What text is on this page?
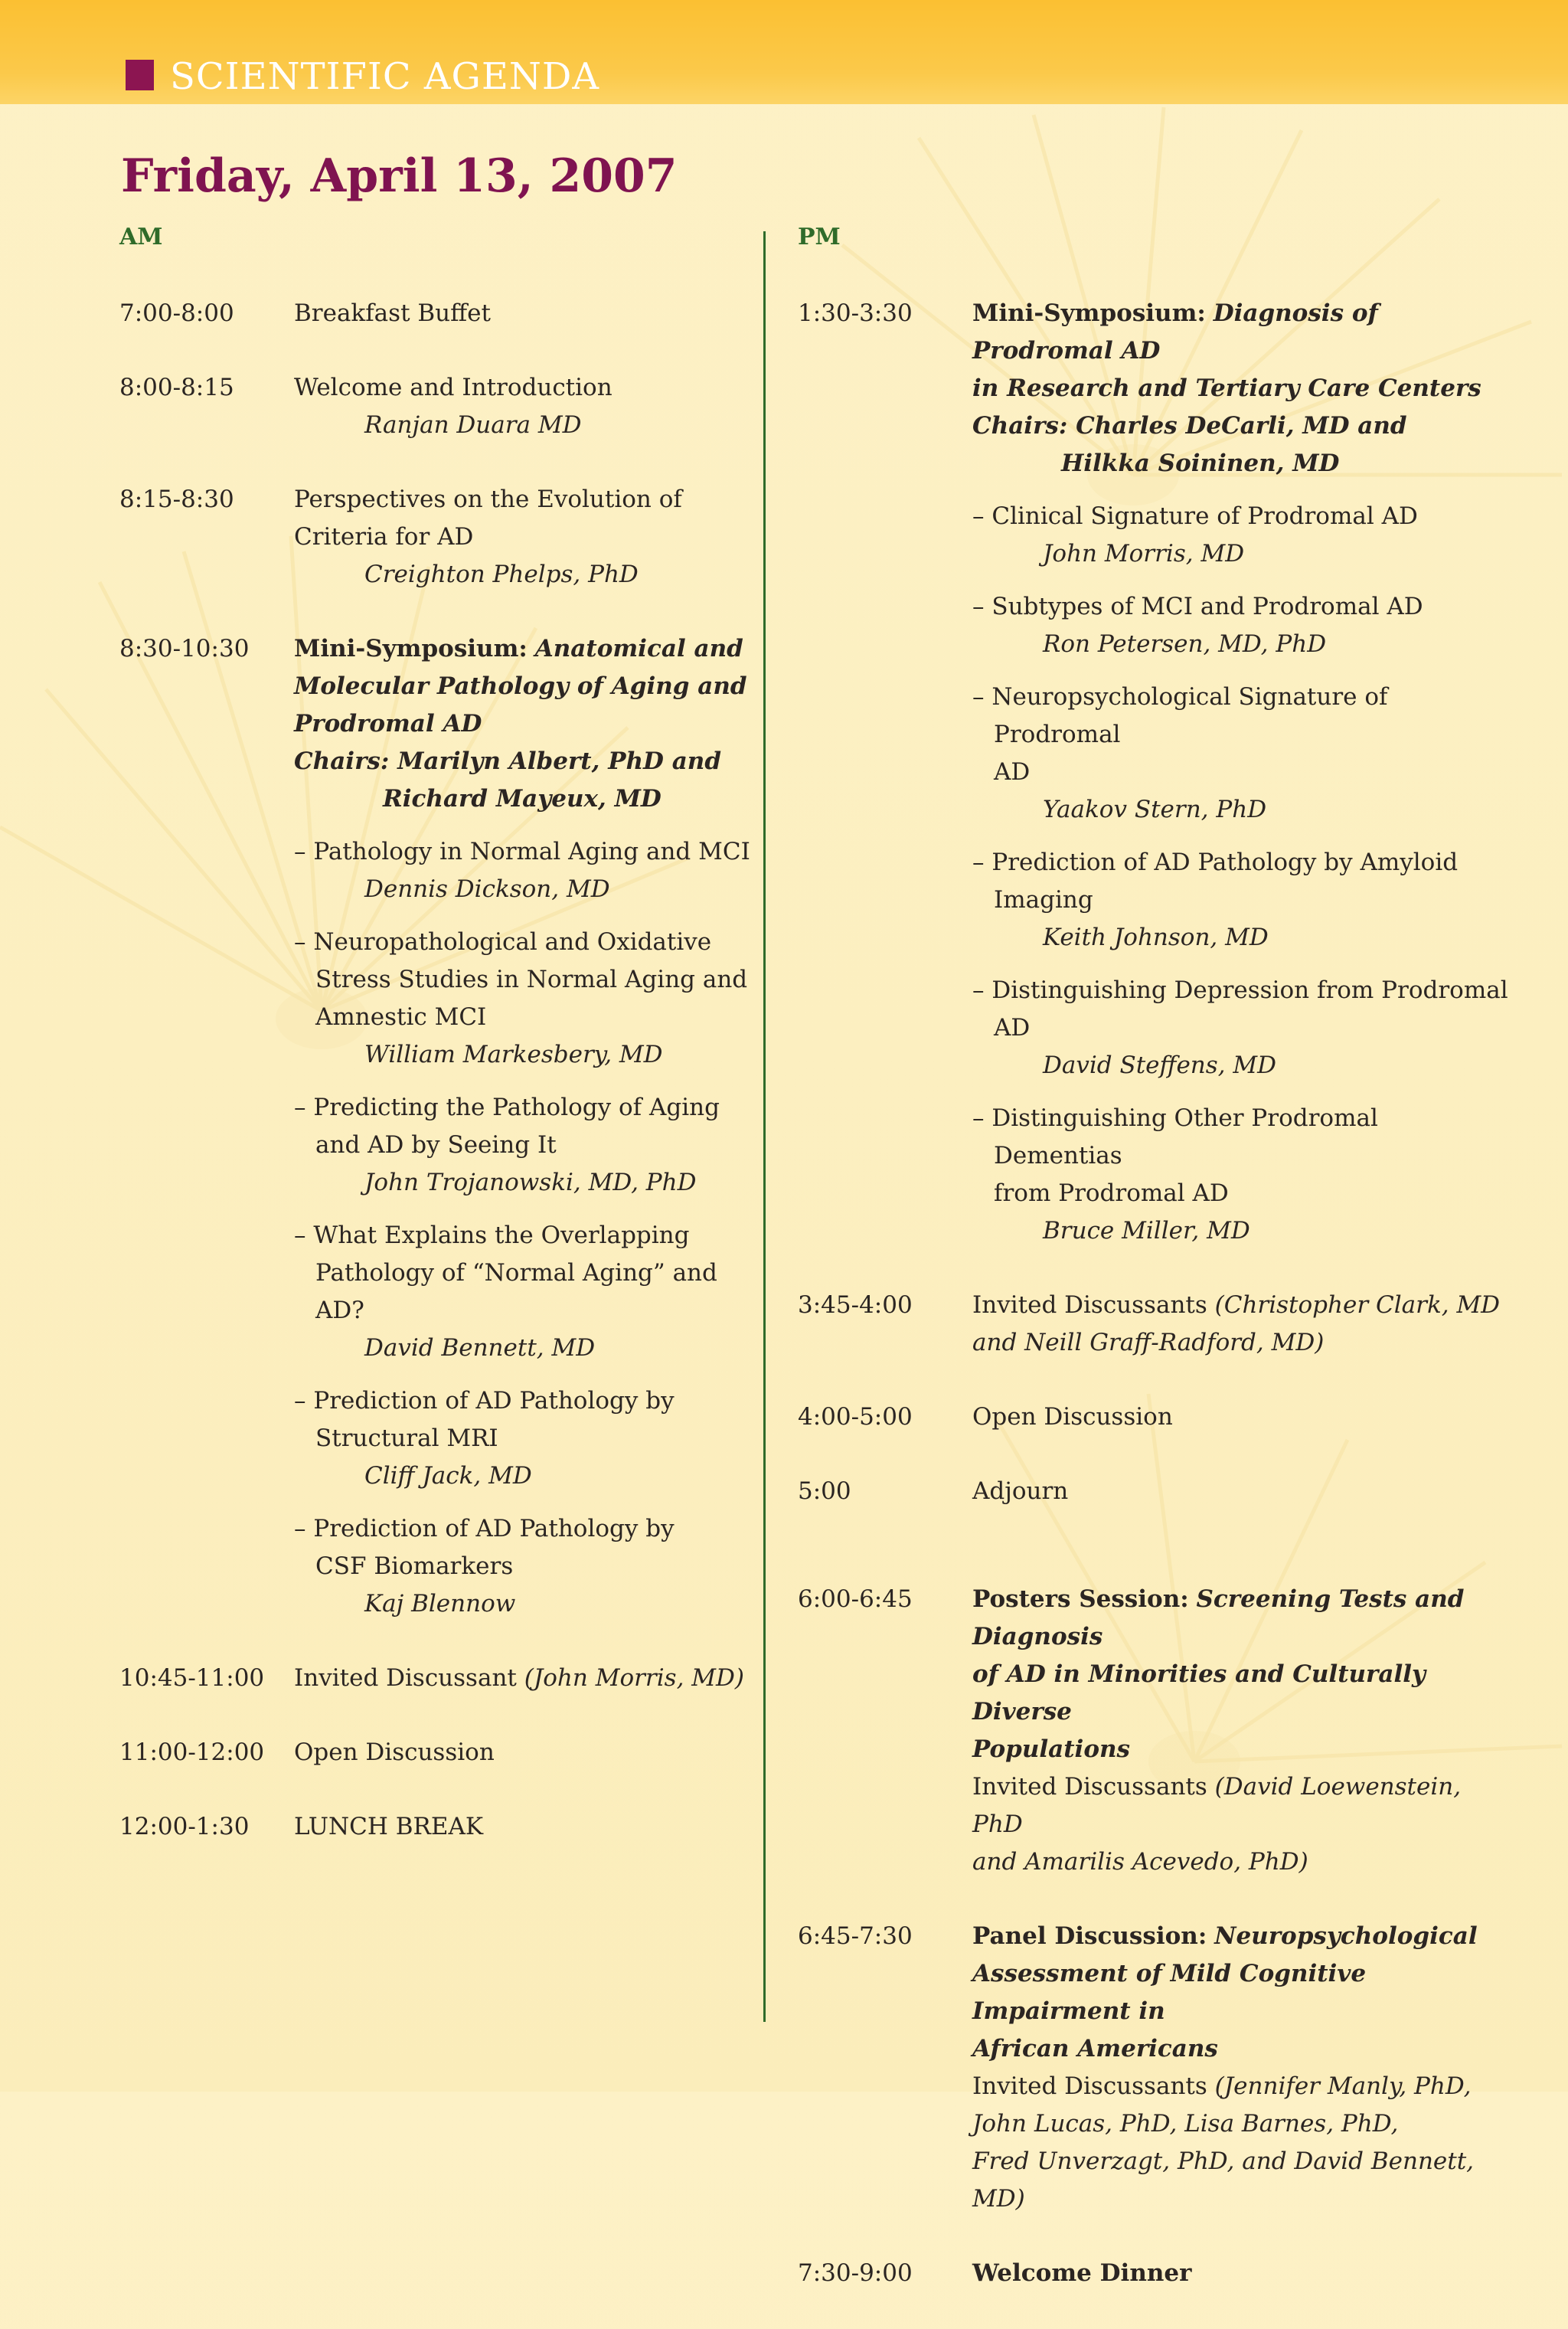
SCIENTIFIC AGENDA
Friday, April 13, 2007
AM	PM
7:00-8:00	Breakfast Buffet
8:00-8:15	Welcome and Introduction
Ranjan Duara MD
8:15-8:30	Perspectives on the Evolution of
Criteria for AD
Creighton Phelps, PhD
8:30-10:30	Mini-Symposium: Anatomical and
Molecular Pathology of Aging and
Prodromal AD
Chairs: Marilyn Albert, PhD and
Richard Mayeux, MD
– Pathology in Normal Aging and MCI
Dennis Dickson, MD
– Neuropathological and Oxidative
Stress Studies in Normal Aging and
Amnestic MCI
William Markesbery, MD
– Predicting the Pathology of Aging
and AD by Seeing It
John Trojanowski, MD, PhD
– What Explains the Overlapping
Pathology of “Normal Aging” and
AD?
David Bennett, MD
– Prediction of AD Pathology by
Structural MRI
Cliff Jack, MD
– Prediction of AD Pathology by
CSF Biomarkers
Kaj Blennow
10:45-11:00	Invited Discussant (John Morris, MD)
11:00-12:00	Open Discussion
12:00-1:30	LUNCH BREAK
1:30-3:30	Mini-Symposium: Diagnosis of Prodromal AD
in Research and Tertiary Care Centers
Chairs: Charles DeCarli, MD and
Hilkka Soininen, MD
– Clinical Signature of Prodromal AD
John Morris, MD
– Subtypes of MCI and Prodromal AD
Ron Petersen, MD, PhD
– Neuropsychological Signature of Prodromal
AD
Yaakov Stern, PhD
– Prediction of AD Pathology by Amyloid
Imaging
Keith Johnson, MD
– Distinguishing Depression from Prodromal
AD
David Steffens, MD
– Distinguishing Other Prodromal Dementias
from Prodromal AD
Bruce Miller, MD
3:45-4:00	Invited Discussants (Christopher Clark, MD
and Neill Graff-Radford, MD)
4:00-5:00	Open Discussion
5:00	Adjourn
6:00-6:45	Posters Session: Screening Tests and Diagnosis
of AD in Minorities and Culturally Diverse
Populations
Invited Discussants (David Loewenstein, PhD
and Amarilis Acevedo, PhD)
6:45-7:30	Panel Discussion: Neuropsychological
Assessment of Mild Cognitive Impairment in
African Americans
Invited Discussants (Jennifer Manly, PhD,
John Lucas, PhD, Lisa Barnes, PhD,
Fred Unverzagt, PhD, and David Bennett, MD)
7:30-9:00	Welcome Dinner
